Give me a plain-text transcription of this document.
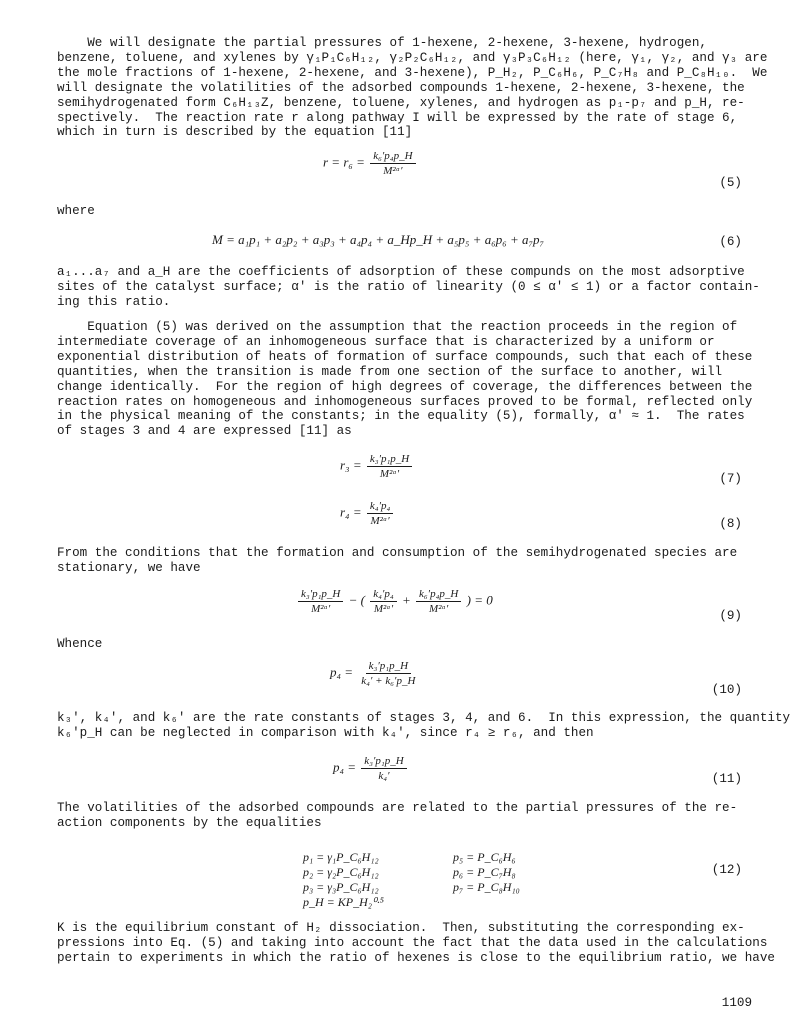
We will designate the partial pressures of 1-hexene, 2-hexene, 3-hexene, hydrogen,
benzene, toluene, and xylenes by γ₁P₁C₆H₁₂, γ₂P₂C₆H₁₂, and γ₃P₃C₆H₁₂ (here, γ₁, γ₂, and γ₃ are
the mole fractions of 1-hexene, 2-hexene, and 3-hexene), P_H₂, P_C₆H₆, P_C₇H₈ and P_C₈H₁₀.  We
will designate the volatilities of the adsorbed compounds 1-hexene, 2-hexene, 3-hexene, the
semihydrogenated form C₆H₁₃Z, benzene, toluene, xylenes, and hydrogen as p₁-p₇ and p_H, re-
spectively.  The reaction rate r along pathway I will be expressed by the rate of stage 6,
which in turn is described by the equation [11]
$r = r_6 = \frac{\text{k₆′p₄p\_H}}{\text{M²ᵅ′}}$
(5)
where
M = a₁p₁ + a₂p₂ + a₃p₃ + a₄p₄ + a_Hp_H + a₅p₅ + a₆p₆ + a₇p₇	(6)
a₁...a₇ and a_H are the coefficients of adsorption of these compunds on the most adsorptive
sites of the catalyst surface; α′ is the ratio of linearity (0 ≤ α′ ≤ 1) or a factor contain-
ing this ratio.
Equation (5) was derived on the assumption that the reaction proceeds in the region of
intermediate coverage of an inhomogeneous surface that is characterized by a uniform or
exponential distribution of heats of formation of surface compounds, such that each of these
quantities, when the transition is made from one section of the surface to another, will
change identically.  For the region of high degrees of coverage, the differences between the
reaction rates on homogeneous and inhomogeneous surfaces proved to be formal, reflected only
in the physical meaning of the constants; in the equality (5), formally, α′ ≈ 1.  The rates
of stages 3 and 4 are expressed [11] as
$r_3 = \frac{\text{k₃′p₁p\_H}}{\text{M²ᵅ′}}$	(7)
$r_4 = \frac{\text{k₄′p₄}}{\text{M²ᵅ′}}$	(8)
From the conditions that the formation and consumption of the semihydrogenated species are
stationary, we have
$\frac{\text{k₃′p₁p\_H}}{\text{M²ᵅ′}}$ − ( $\frac{\text{k₄′p₄}}{\text{M²ᵅ′}} + \frac{\text{k₆′p₄p\_H}}{\text{M²ᵅ′}}$ ) = 0
(9)
Whence
$p_4 = \frac{\text{k₃′p₁p\_H}}{\text{k₄′ + k₆′p\_H}}$
(10)
k₃′, k₄′, and k₆′ are the rate constants of stages 3, 4, and 6.  In this expression, the quantity
k₆′p_H can be neglected in comparison with k₄′, since r₄ ≥ r₆, and then
$p_4 = \frac{\text{k₃′p₁p\_H}}{\text{k₄′}}$	(11)
The volatilities of the adsorbed compounds are related to the partial pressures of the re-
action components by the equalities
p₁ = γ₁P_C₆H₁₂	p₅ = P_C₆H₆
p₂ = γ₂P_C₆H₁₂	p₆ = P_C₇H₈
p₃ = γ₃P_C₆H₁₂	p₇ = P_C₈H₁₀
p_H = KP_H₂⁰·⁵
(12)
K is the equilibrium constant of H₂ dissociation.  Then, substituting the corresponding ex-
pressions into Eq. (5) and taking into account the fact that the data used in the calculations
pertain to experiments in which the ratio of hexenes is close to the equilibrium ratio, we have
1109
